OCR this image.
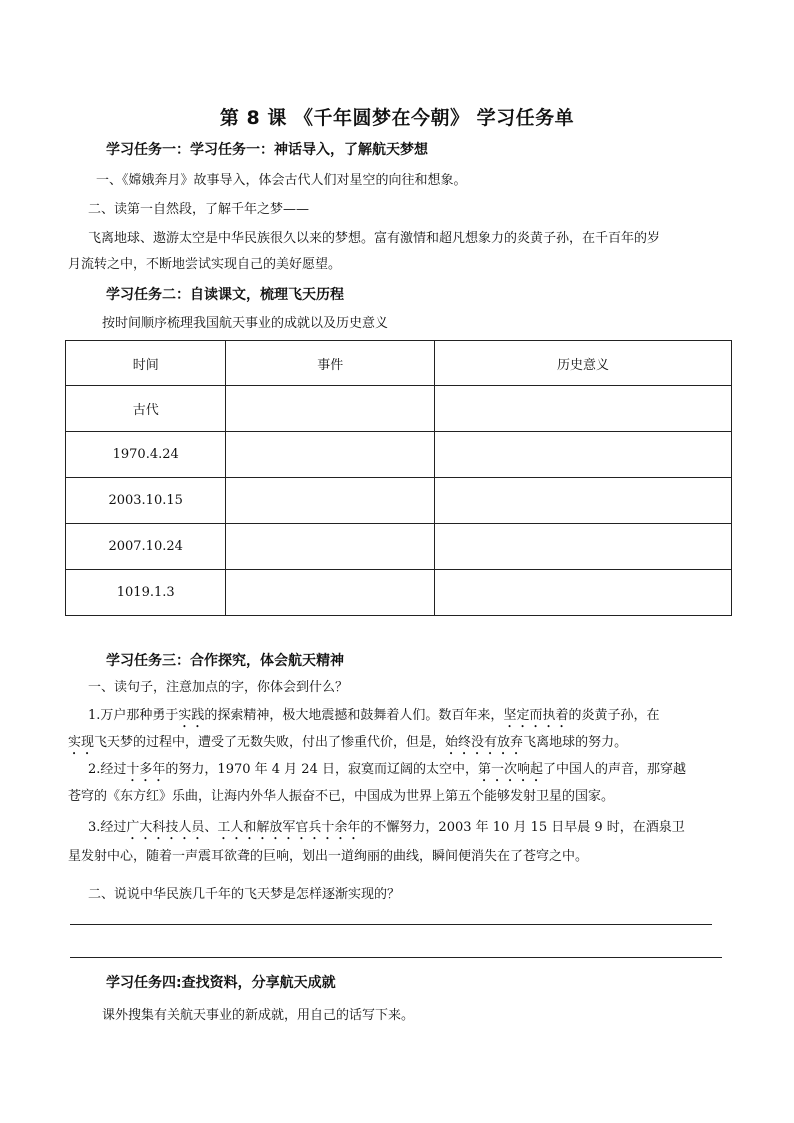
第 8 课 《千年圆梦在今朝》 学习任务单
学习任务一：学习任务一：神话导入，了解航天梦想
一、《嫦娥奔月》故事导入，体会古代人们对星空的向往和想象。
二、读第一自然段，了解千年之梦——
飞离地球、遨游太空是中华民族很久以来的梦想。富有激情和超凡想象力的炎黄子孙，在千百年的岁
月流转之中，不断地尝试实现自己的美好愿望。
学习任务二：自读课文，梳理飞天历程
按时间顺序梳理我国航天事业的成就以及历史意义
时间	事件	历史意义
古代		
1970.4.24		
2003.10.15		
2007.10.24		
1019.1.3		
学习任务三：合作探究，体会航天精神
一、读句子，注意加点的字，你体会到什么？
1.万户那种勇于实践的探索精神，极大地震撼和鼓舞着人们。数百年来，坚定而执着的炎黄子孙，在
实现飞天梦的过程中，遭受了无数失败，付出了惨重代价，但是，始终没有放弃飞离地球的努力。
2.经过十多年的努力，1970 年 4 月 24 日，寂寞而辽阔的太空中，第一次响起了中国人的声音，那穿越
苍穹的《东方红》乐曲，让海内外华人振奋不已，中国成为世界上第五个能够发射卫星的国家。
3.经过广大科技人员、工人和解放军官兵十余年的不懈努力，2003 年 10 月 15 日早晨 9 时，在酒泉卫
星发射中心，随着一声震耳欲聋的巨响，划出一道绚丽的曲线，瞬间便消失在了苍穹之中。
二、说说中华民族几千年的飞天梦是怎样逐渐实现的？
学习任务四:查找资料，分享航天成就
课外搜集有关航天事业的新成就，用自己的话写下来。
